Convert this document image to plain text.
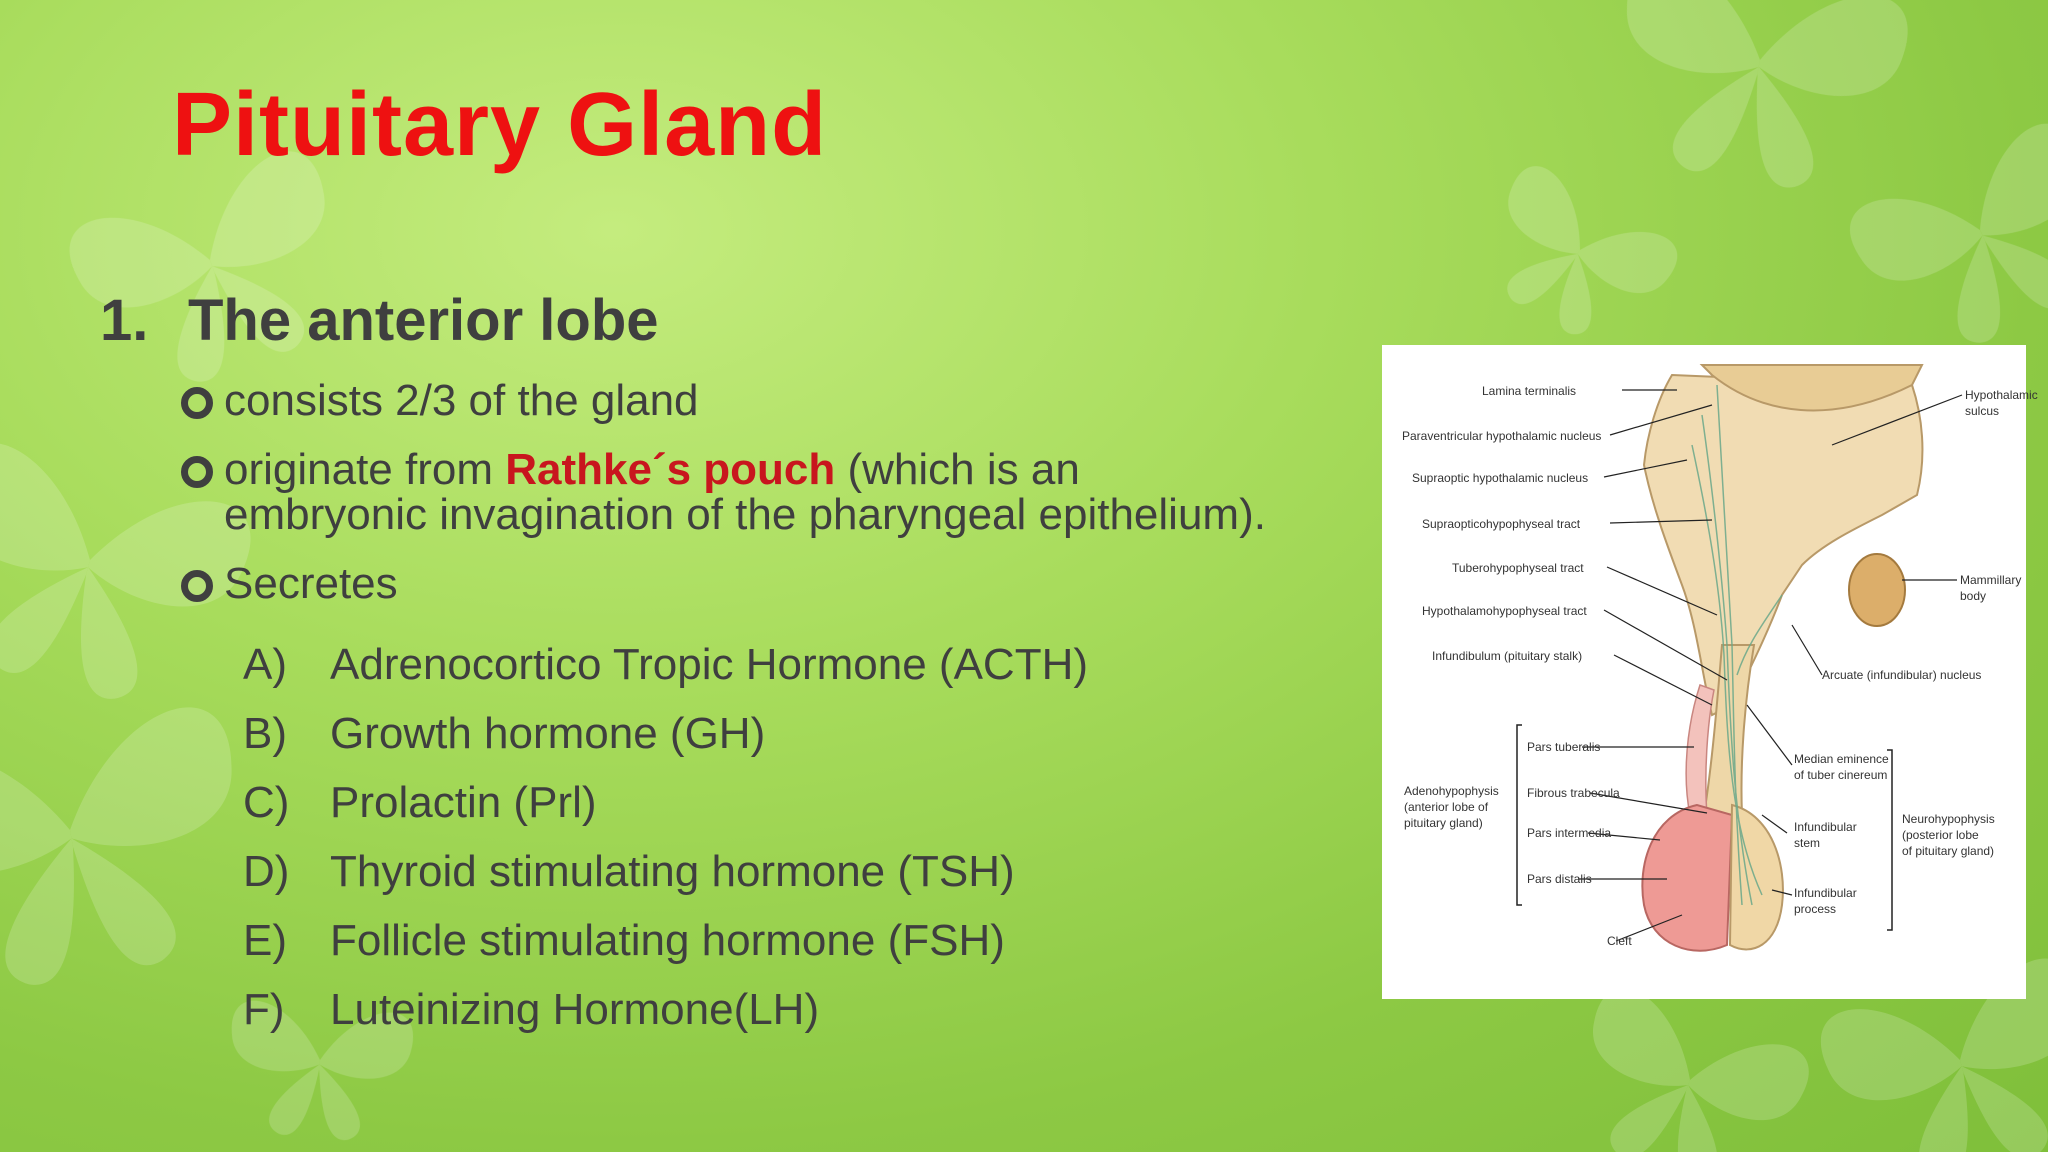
Pituitary Gland
1. The anterior lobe
consists 2/3 of the gland
originate from Rathke´s pouch (which is an
embryonic invagination of the pharyngeal epithelium).
Secretes
A) Adrenocortico Tropic Hormone (ACTH)
B) Growth hormone (GH)
C) Prolactin (Prl)
D) Thyroid stimulating hormone (TSH)
E) Follicle stimulating hormone (FSH)
F) Luteinizing Hormone(LH)
Lamina terminalis
Paraventricular hypothalamic nucleus
Supraoptic hypothalamic nucleus
Supraopticohypophyseal tract
Tuberohypophyseal tract
Hypothalamohypophyseal tract
Infundibulum (pituitary stalk)
Hypothalamic
sulcus
Mammillary
body
Arcuate (infundibular) nucleus
Pars tuberalis
Fibrous trabecula
Pars intermedia
Pars distalis
Cleft
Adenohypophysis
(anterior lobe of
pituitary gland)
Median eminence
of tuber cinereum
Infundibular
stem
Infundibular
process
Neurohypophysis
(posterior lobe
of pituitary gland)
